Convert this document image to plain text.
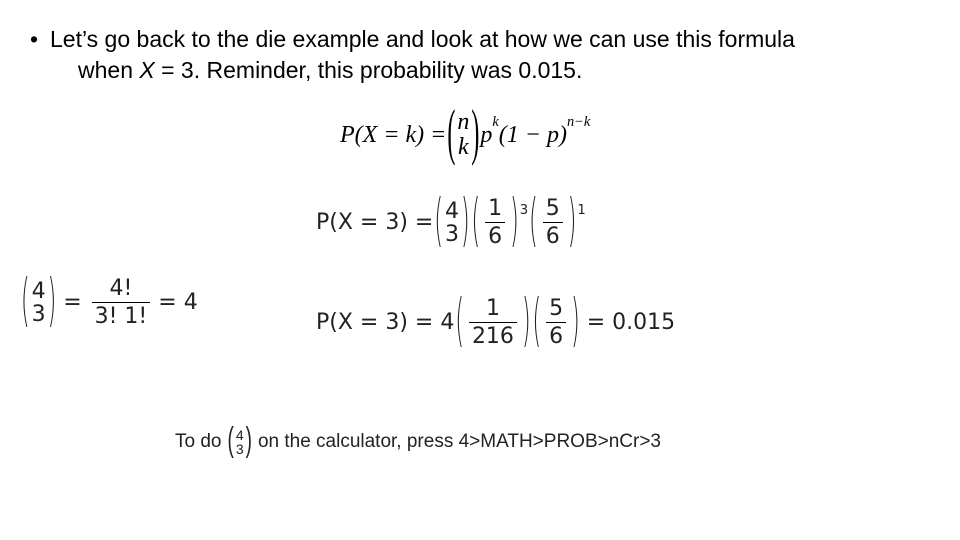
• Let’s go back to the die example and look at how we can use this formula
when X = 3. Reminder, this probability was 0.015.
P(X = k) = ( n
k ) $p^k$ $(1 - p)^{n-k}$
P(X = 3) = ( 4
3 ) ( $\frac{1}{6} )^3$ ( $\frac{5}{6} )^1$
( 4
3 ) = $\frac{4!}{3! 1!} = 4$
P(X = 3) = 4 ( $\frac{1}{216}$ ) ( $\frac{5}{6}$ ) = 0.015
To do ( 4
3 ) on the calculator, press 4>MATH>PROB>nCr>3
